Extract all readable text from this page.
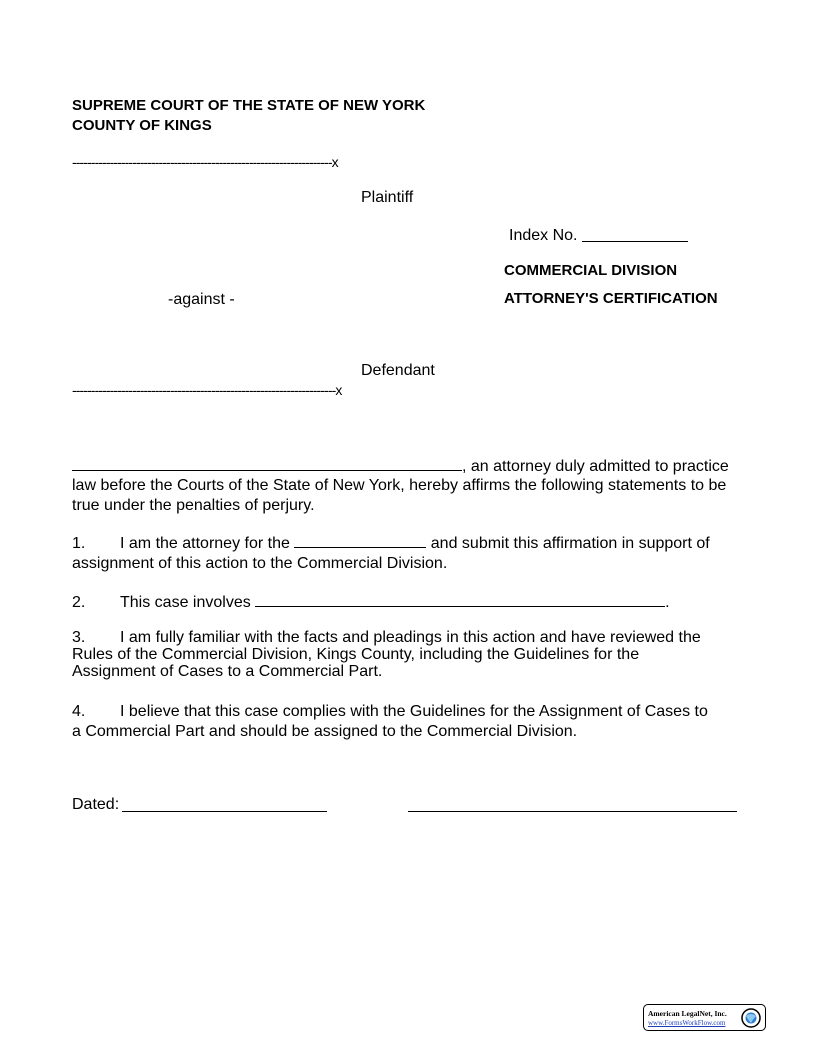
SUPREME COURT OF THE STATE OF NEW YORK
COUNTY OF KINGS
---------------------------------------------------------------------x
Plaintiff
Index No.
COMMERCIAL DIVISION
-against -	ATTORNEY'S CERTIFICATION
Defendant
----------------------------------------------------------------------x
, an attorney duly admitted to practice
law before the Courts of the State of New York, hereby affirms the following statements to be true under the penalties of perjury.
1. I am the attorney for the	and submit this affirmation in support of assignment of this action to the Commercial Division.
2. This case involves	.
3. I am fully familiar with the facts and pleadings in this action and have reviewed the Rules of the Commercial Division, Kings County, including the Guidelines for the Assignment of Cases to a Commercial Part.
4. I believe that this case complies with the Guidelines for the Assignment of Cases to a Commercial Part and should be assigned to the Commercial Division.
Dated:
American LegalNet, Inc.
www.FormsWorkFlow.com
